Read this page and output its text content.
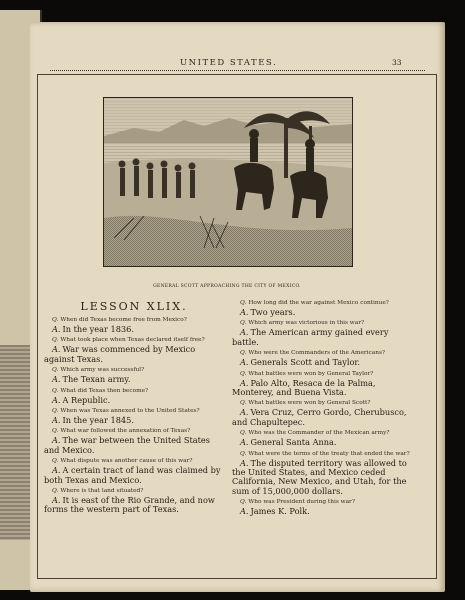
UNITED STATES.	33
GENERAL SCOTT APPROACHING THE CITY OF MEXICO.
LESSON XLIX.
Q. When did Texas become free from Mexico?
A. In the year 1836.
Q. What took place when Texas declared itself free?
A. War was commenced by Mexico against Texas.
Q. Which army was successful?
A. The Texan army.
Q. What did Texas then become?
A. A Republic.
Q. When was Texas annexed to the United States?
A. In the year 1845.
Q. What war followed the annexation of Texas?
A. The war between the United States and Mexico.
Q. What dispute was another cause of this war?
A. A certain tract of land was claimed by both Texas and Mexico.
Q. Where is that land situated?
A. It is east of the Rio Grande, and now forms the western part of Texas.
Q. How long did the war against Mexico continue?
A. Two years.
Q. Which army was victorious in this war?
A. The American army gained every battle.
Q. Who were the Commanders of the Americans?
A. Generals Scott and Taylor.
Q. What battles were won by General Taylor?
A. Palo Alto, Resaca de la Palma, Monterey, and Buena Vista.
Q. What battles were won by General Scott?
A. Vera Cruz, Cerro Gordo, Cherubusco, and Chapultepec.
Q. Who was the Commander of the Mexican army?
A. General Santa Anna.
Q. What were the terms of the treaty that ended the war?
A. The disputed territory was allowed to the United States, and Mexico ceded California, New Mexico, and Utah, for the sum of 15,000,000 dollars.
Q. Who was President during this war?
A. James K. Polk.
